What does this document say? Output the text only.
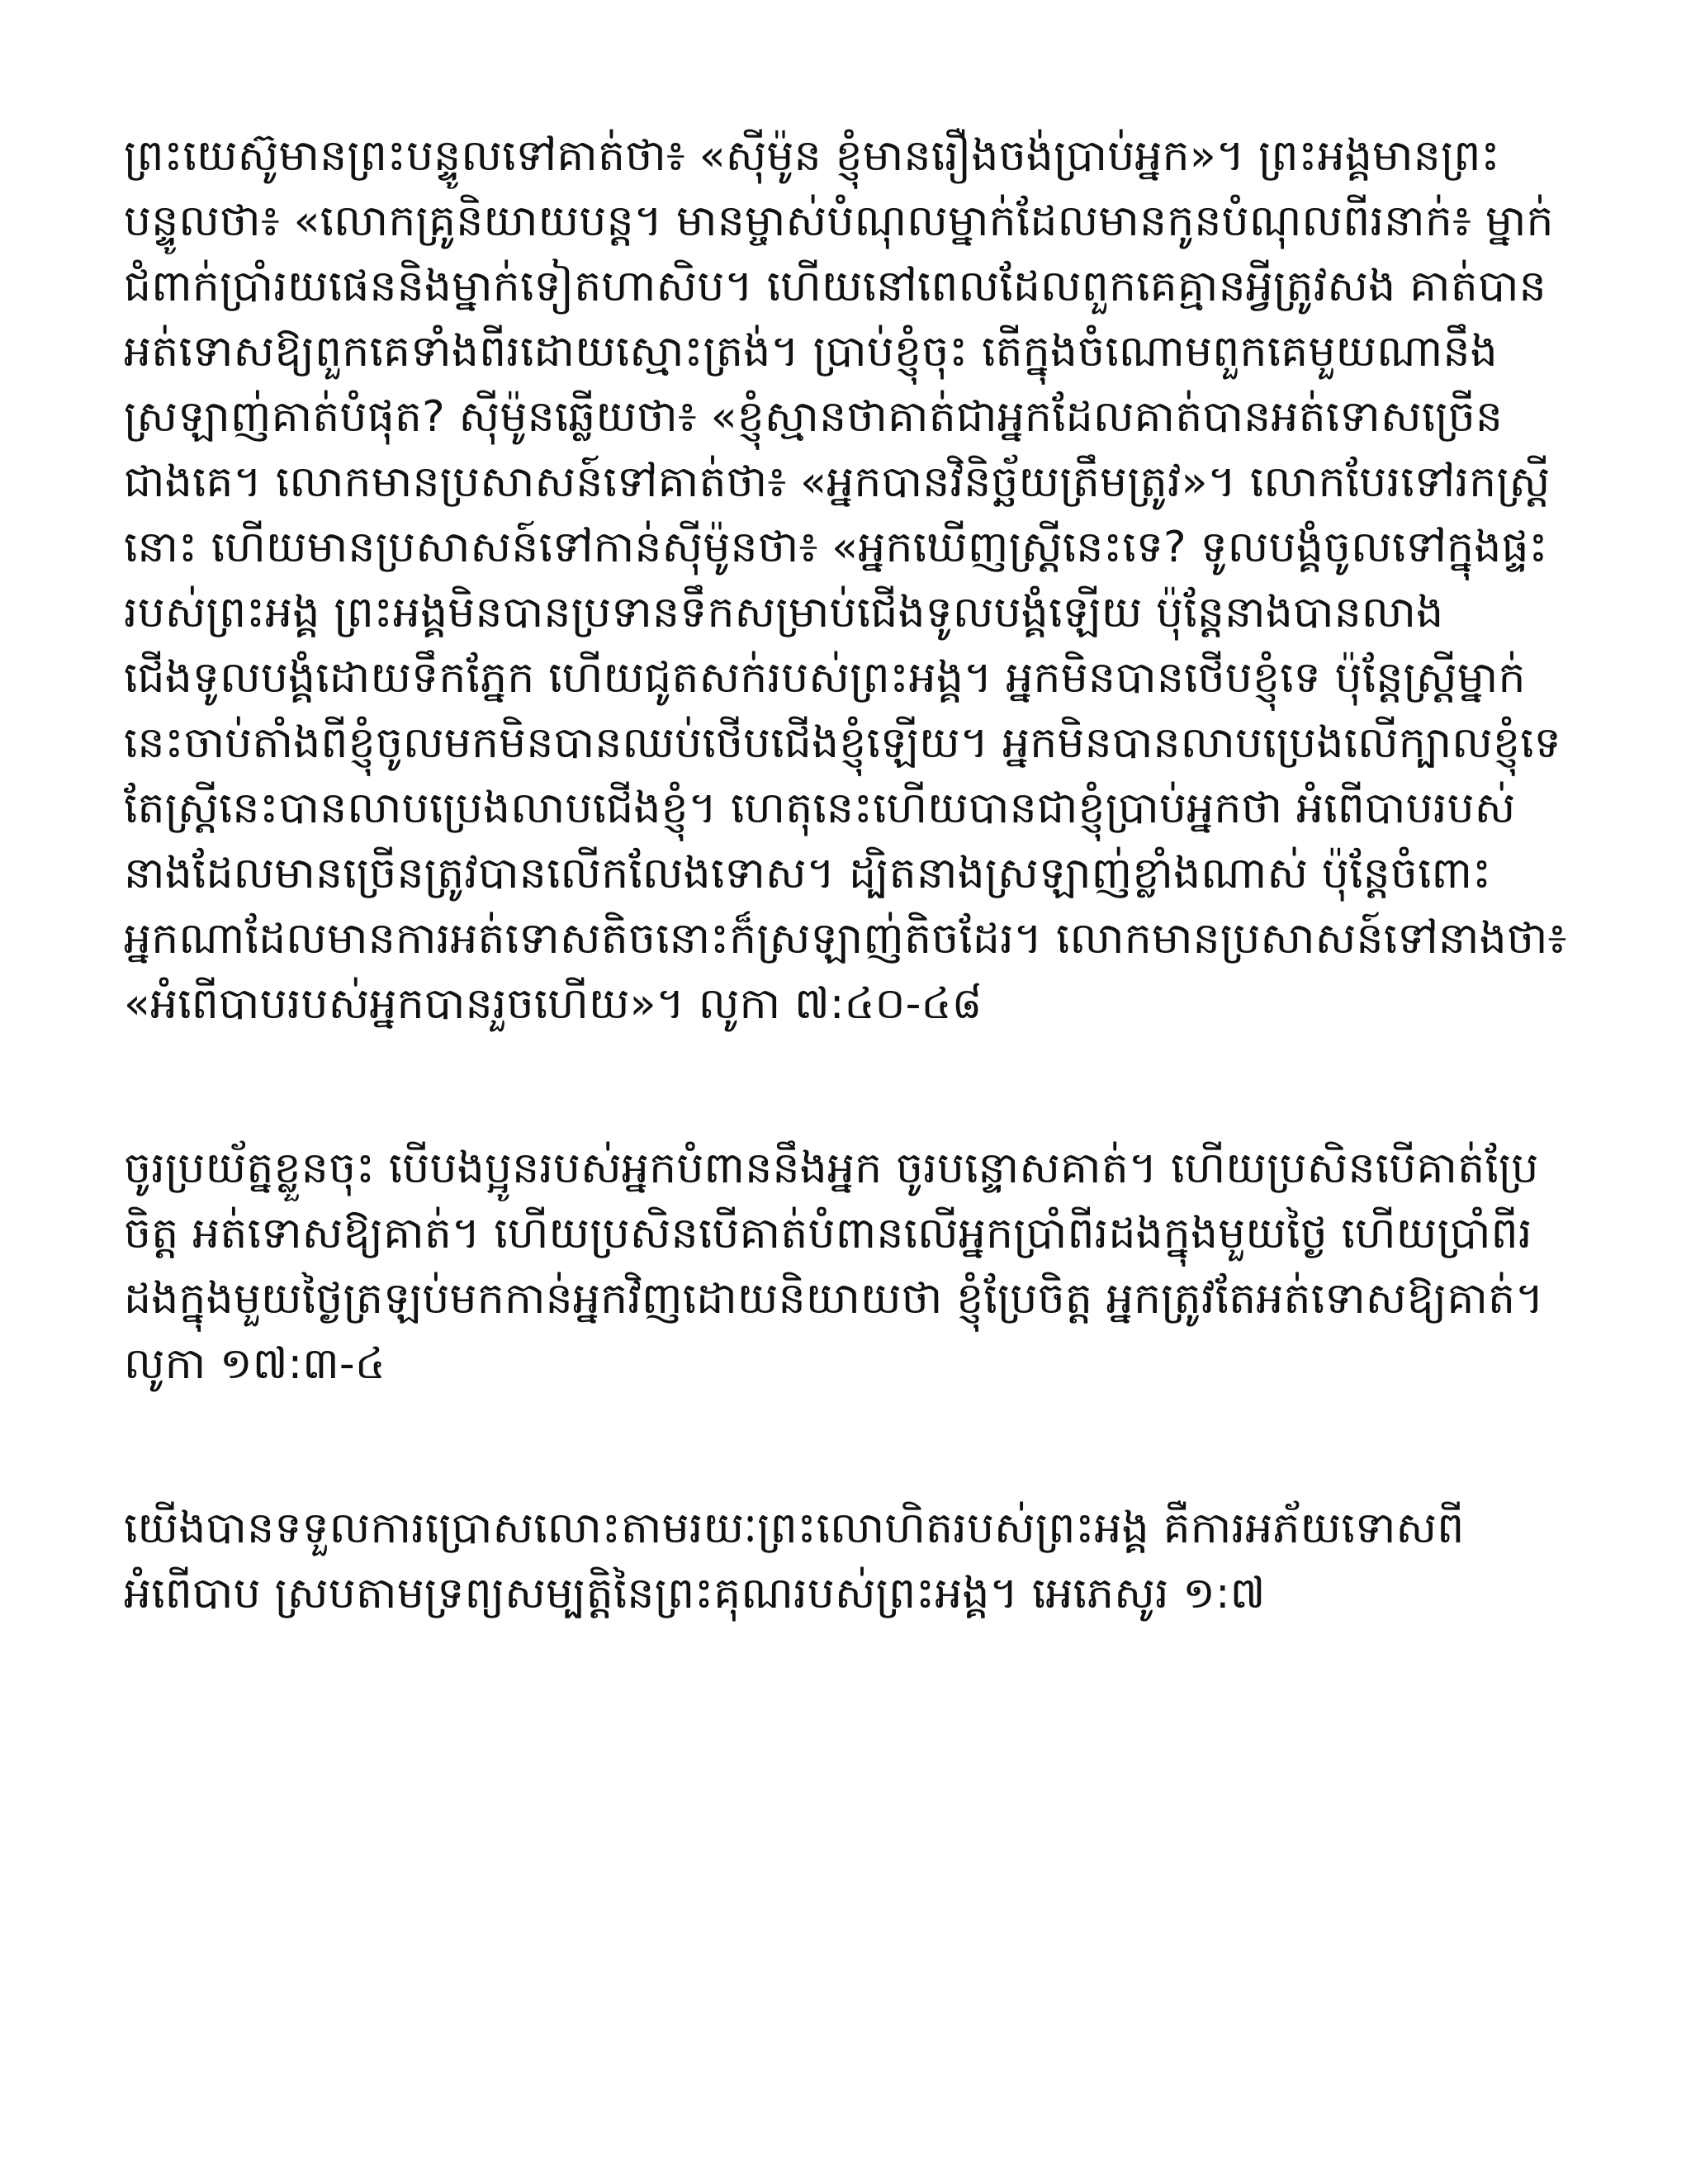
ព្រះយេស៊ូមានព្រះបន្ទូលទៅគាត់ថា៖ «ស៊ីម៉ូន ខ្ញុំមានរឿងចង់ប្រាប់អ្នក»។ ព្រះអង្គមានព្រះបន្ទូលថា៖ «លោកគ្រូនិយាយបន្ត។ មានម្ចាស់បំណុលម្នាក់ដែលមានកូនបំណុលពីរនាក់៖ ម្នាក់ជំពាក់ប្រាំរយផេននិងម្នាក់ទៀតហាសិប។ ហើយនៅពេលដែលពួកគេគ្មានអ្វីត្រូវសង គាត់បានអត់ទោសឱ្យពួកគេទាំងពីរដោយស្មោះត្រង់។ ប្រាប់ខ្ញុំចុះ តើក្នុងចំណោមពួកគេមួយណានឹងស្រឡាញ់គាត់បំផុត? ស៊ីម៉ូនឆ្លើយថា៖ «ខ្ញុំស្មានថាគាត់ជាអ្នកដែលគាត់បានអត់ទោសច្រើនជាងគេ។ លោកមានប្រសាសន៍ទៅគាត់ថា៖ «អ្នកបានវិនិច្ឆ័យត្រឹមត្រូវ»។ លោកបែរទៅរកស្ត្រីនោះ ហើយមានប្រសាសន៍ទៅកាន់ស៊ីម៉ូនថា៖ «អ្នកឃើញស្ត្រីនេះទេ? ទូលបង្គំចូលទៅក្នុងផ្ទះរបស់ព្រះអង្គ ព្រះអង្គមិនបានប្រទានទឹកសម្រាប់ជើងទូលបង្គំឡើយ ប៉ុន្តែនាងបានលាងជើងទូលបង្គំដោយទឹកភ្នែក ហើយជូតសក់របស់ព្រះអង្គ។ អ្នកមិនបានថើបខ្ញុំទេ ប៉ុន្តែស្ត្រីម្នាក់នេះចាប់តាំងពីខ្ញុំចូលមកមិនបានឈប់ថើបជើងខ្ញុំឡើយ។ អ្នកមិនបានលាបប្រេងលើក្បាលខ្ញុំទេ តែស្ត្រីនេះបានលាបប្រេងលាបជើងខ្ញុំ។ ហេតុនេះហើយបានជាខ្ញុំប្រាប់អ្នកថា អំពើបាបរបស់នាងដែលមានច្រើនត្រូវបានលើកលែងទោស។ ដ្បិតនាងស្រឡាញ់ខ្លាំងណាស់ ប៉ុន្តែចំពោះអ្នកណាដែលមានការអត់ទោសតិចនោះក៏ស្រឡាញ់តិចដែរ។ លោកមានប្រសាសន៍ទៅនាងថា៖ «អំពើបាបរបស់អ្នកបានរួចហើយ»។ លូកា ៧:៤០-៤៨

ចូរប្រយ័ត្នខ្លួនចុះ បើបងប្អូនរបស់អ្នកបំពាននឹងអ្នក ចូរបន្ទោសគាត់។ ហើយប្រសិនបើគាត់ប្រែចិត្ត អត់ទោសឱ្យគាត់។ ហើយប្រសិនបើគាត់បំពានលើអ្នកប្រាំពីរដងក្នុងមួយថ្ងៃ ហើយប្រាំពីរដងក្នុងមួយថ្ងៃត្រឡប់មកកាន់អ្នកវិញដោយនិយាយថា ខ្ញុំប្រែចិត្ត អ្នកត្រូវតែអត់ទោសឱ្យគាត់។ លូកា ១៧:៣-៤

យើងបានទទួលការប្រោសលោះតាមរយៈព្រះលោហិតរបស់ព្រះអង្គ គឺការអភ័យទោសពីអំពើបាប ស្របតាមទ្រព្យសម្បត្តិនៃព្រះគុណរបស់ព្រះអង្គ។ អេភេសូរ ១:៧
